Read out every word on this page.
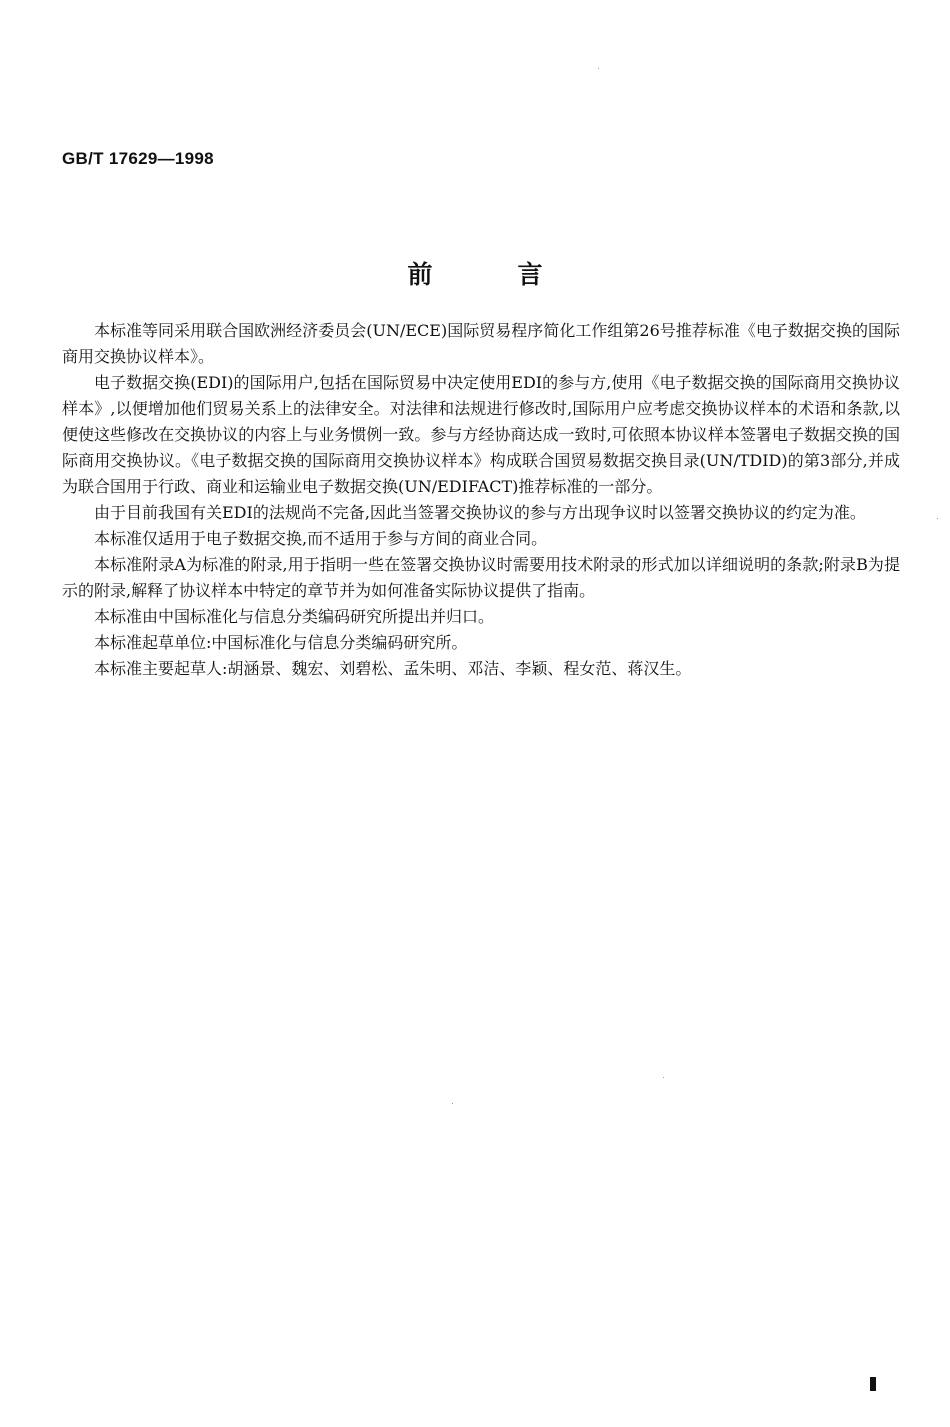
GB/T 17629—1998
前言

本标准等同采用联合国欧洲经济委员会(UN/ECE)国际贸易程序简化工作组第26号推荐标准《电子数据交换的国际商用交换协议样本》。

电子数据交换(EDI)的国际用户,包括在国际贸易中决定使用EDI的参与方,使用《电子数据交换的国际商用交换协议样本》,以便增加他们贸易关系上的法律安全。对法律和法规进行修改时,国际用户应考虑交换协议样本的术语和条款,以便使这些修改在交换协议的内容上与业务惯例一致。参与方经协商达成一致时,可依照本协议样本签署电子数据交换的国际商用交换协议。《电子数据交换的国际商用交换协议样本》构成联合国贸易数据交换目录(UN/TDID)的第3部分,并成为联合国用于行政、商业和运输业电子数据交换(UN/EDIFACT)推荐标准的一部分。

由于目前我国有关EDI的法规尚不完备,因此当签署交换协议的参与方出现争议时以签署交换协议的约定为准。

本标准仅适用于电子数据交换,而不适用于参与方间的商业合同。

本标准附录A为标准的附录,用于指明一些在签署交换协议时需要用技术附录的形式加以详细说明的条款;附录B为提示的附录,解释了协议样本中特定的章节并为如何准备实际协议提供了指南。

本标准由中国标准化与信息分类编码研究所提出并归口。

本标准起草单位:中国标准化与信息分类编码研究所。

本标准主要起草人:胡涵景、魏宏、刘碧松、孟朱明、邓洁、李颖、程女范、蒋汉生。
